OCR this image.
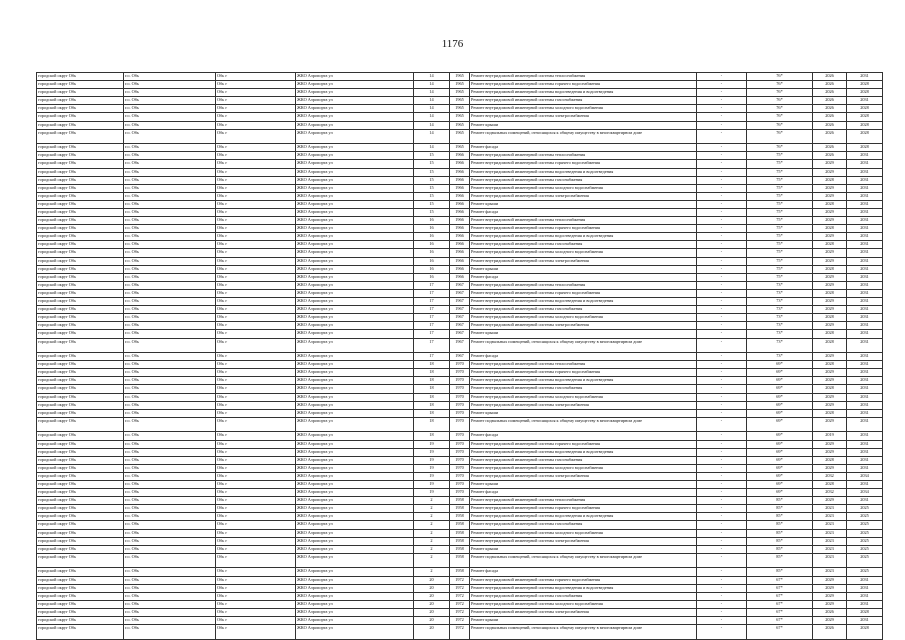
1176
городской округ Обь	г.о. Обь	Обь г	ЖКО Аэропорта ул	14	1965	Ремонт внутридомовой инженерной системы теплоснабжения	-	76*	2026	2031
городской округ Обь	г.о. Обь	Обь г	ЖКО Аэропорта ул	14	1965	Ремонт внутридомовой инженерной системы горячего водоснабжения	-	76*	2026	2028
городской округ Обь	г.о. Обь	Обь г	ЖКО Аэропорта ул	14	1965	Ремонт внутридомовой инженерной системы водоотведения и водоотведения	-	76*	2026	2028
городской округ Обь	г.о. Обь	Обь г	ЖКО Аэропорта ул	14	1965	Ремонт внутридомовой инженерной системы газоснабжения	-	76*	2026	2031
городской округ Обь	г.о. Обь	Обь г	ЖКО Аэропорта ул	14	1965	Ремонт внутридомовой инженерной системы холодного водоснабжения	-	76*	2026	2028
городской округ Обь	г.о. Обь	Обь г	ЖКО Аэропорта ул	14	1965	Ремонт внутридомовой инженерной системы электроснабжения	-	76*	2026	2028
городской округ Обь	г.о. Обь	Обь г	ЖКО Аэропорта ул	14	1965	Ремонт крыши	-	76*	2026	2028
городской округ Обь	г.о. Обь	Обь г	ЖКО Аэропорта ул	14	1965	Ремонт подвальных помещений, относящихся к общему имуществу в многоквартирном доме	-	76*	2026	2028
городской округ Обь	г.о. Обь	Обь г	ЖКО Аэропорта ул	14	1965	Ремонт фасада	-	76*	2026	2028
городской округ Обь	г.о. Обь	Обь г	ЖКО Аэропорта ул	15	1966	Ремонт внутридомовой инженерной системы теплоснабжения	-	75*	2026	2031
городской округ Обь	г.о. Обь	Обь г	ЖКО Аэропорта ул	15	1966	Ремонт внутридомовой инженерной системы горячего водоснабжения	-	75*	2029	2031
городской округ Обь	г.о. Обь	Обь г	ЖКО Аэропорта ул	15	1966	Ремонт внутридомовой инженерной системы водоотведения и водоотведения	-	75*	2029	2031
городской округ Обь	г.о. Обь	Обь г	ЖКО Аэропорта ул	15	1966	Ремонт внутридомовой инженерной системы газоснабжения	-	75*	2028	2031
городской округ Обь	г.о. Обь	Обь г	ЖКО Аэропорта ул	15	1966	Ремонт внутридомовой инженерной системы холодного водоснабжения	-	75*	2029	2031
городской округ Обь	г.о. Обь	Обь г	ЖКО Аэропорта ул	15	1966	Ремонт внутридомовой инженерной системы электроснабжения	-	75*	2029	2031
городской округ Обь	г.о. Обь	Обь г	ЖКО Аэропорта ул	15	1966	Ремонт крыши	-	75*	2028	2031
городской округ Обь	г.о. Обь	Обь г	ЖКО Аэропорта ул	15	1966	Ремонт фасада	-	75*	2029	2031
городской округ Обь	г.о. Обь	Обь г	ЖКО Аэропорта ул	16	1966	Ремонт внутридомовой инженерной системы теплоснабжения	-	75*	2029	2031
городской округ Обь	г.о. Обь	Обь г	ЖКО Аэропорта ул	16	1966	Ремонт внутридомовой инженерной системы горячего водоснабжения	-	75*	2028	2031
городской округ Обь	г.о. Обь	Обь г	ЖКО Аэропорта ул	16	1966	Ремонт внутридомовой инженерной системы водоотведения и водоотведения	-	75*	2029	2031
городской округ Обь	г.о. Обь	Обь г	ЖКО Аэропорта ул	16	1966	Ремонт внутридомовой инженерной системы газоснабжения	-	75*	2028	2031
городской округ Обь	г.о. Обь	Обь г	ЖКО Аэропорта ул	16	1966	Ремонт внутридомовой инженерной системы холодного водоснабжения	-	75*	2029	2031
городской округ Обь	г.о. Обь	Обь г	ЖКО Аэропорта ул	16	1966	Ремонт внутридомовой инженерной системы электроснабжения	-	75*	2029	2031
городской округ Обь	г.о. Обь	Обь г	ЖКО Аэропорта ул	16	1966	Ремонт крыши	-	75*	2028	2031
городской округ Обь	г.о. Обь	Обь г	ЖКО Аэропорта ул	16	1966	Ремонт фасада	-	75*	2029	2031
городской округ Обь	г.о. Обь	Обь г	ЖКО Аэропорта ул	17	1967	Ремонт внутридомовой инженерной системы теплоснабжения	-	73*	2029	2031
городской округ Обь	г.о. Обь	Обь г	ЖКО Аэропорта ул	17	1967	Ремонт внутридомовой инженерной системы горячего водоснабжения	-	73*	2028	2031
городской округ Обь	г.о. Обь	Обь г	ЖКО Аэропорта ул	17	1967	Ремонт внутридомовой инженерной системы водоотведения и водоотведения	-	73*	2029	2031
городской округ Обь	г.о. Обь	Обь г	ЖКО Аэропорта ул	17	1967	Ремонт внутридомовой инженерной системы газоснабжения	-	73*	2029	2031
городской округ Обь	г.о. Обь	Обь г	ЖКО Аэропорта ул	17	1967	Ремонт внутридомовой инженерной системы холодного водоснабжения	-	73*	2028	2031
городской округ Обь	г.о. Обь	Обь г	ЖКО Аэропорта ул	17	1967	Ремонт внутридомовой инженерной системы электроснабжения	-	73*	2029	2031
городской округ Обь	г.о. Обь	Обь г	ЖКО Аэропорта ул	17	1967	Ремонт крыши	-	73*	2028	2031
городской округ Обь	г.о. Обь	Обь г	ЖКО Аэропорта ул	17	1967	Ремонт подвальных помещений, относящихся к общему имуществу в многоквартирном доме	-	73*	2028	2031
городской округ Обь	г.о. Обь	Обь г	ЖКО Аэропорта ул	17	1967	Ремонт фасада	-	73*	2029	2031
городской округ Обь	г.о. Обь	Обь г	ЖКО Аэропорта ул	18	1970	Ремонт внутридомовой инженерной системы теплоснабжения	-	69*	2028	2031
городской округ Обь	г.о. Обь	Обь г	ЖКО Аэропорта ул	18	1970	Ремонт внутридомовой инженерной системы горячего водоснабжения	-	69*	2029	2031
городской округ Обь	г.о. Обь	Обь г	ЖКО Аэропорта ул	18	1970	Ремонт внутридомовой инженерной системы водоотведения и водоотведения	-	69*	2029	2031
городской округ Обь	г.о. Обь	Обь г	ЖКО Аэропорта ул	18	1970	Ремонт внутридомовой инженерной системы газоснабжения	-	69*	2028	2031
городской округ Обь	г.о. Обь	Обь г	ЖКО Аэропорта ул	18	1970	Ремонт внутридомовой инженерной системы холодного водоснабжения	-	69*	2029	2031
городской округ Обь	г.о. Обь	Обь г	ЖКО Аэропорта ул	18	1970	Ремонт внутридомовой инженерной системы электроснабжения	-	69*	2029	2031
городской округ Обь	г.о. Обь	Обь г	ЖКО Аэропорта ул	18	1970	Ремонт крыши	-	69*	2028	2031
городской округ Обь	г.о. Обь	Обь г	ЖКО Аэропорта ул	18	1970	Ремонт подвальных помещений, относящихся к общему имуществу в многоквартирном доме	-	69*	2029	2031
городской округ Обь	г.о. Обь	Обь г	ЖКО Аэропорта ул	18	1970	Ремонт фасада	-	69*	2019	2031
городской округ Обь	г.о. Обь	Обь г	ЖКО Аэропорта ул	19	1970	Ремонт внутридомовой инженерной системы горячего водоснабжения	-	69*	2029	2031
городской округ Обь	г.о. Обь	Обь г	ЖКО Аэропорта ул	19	1970	Ремонт внутридомовой инженерной системы водоотведения и водоотведения	-	69*	2029	2031
городской округ Обь	г.о. Обь	Обь г	ЖКО Аэропорта ул	19	1970	Ремонт внутридомовой инженерной системы газоснабжения	-	69*	2028	2031
городской округ Обь	г.о. Обь	Обь г	ЖКО Аэропорта ул	19	1970	Ремонт внутридомовой инженерной системы холодного водоснабжения	-	69*	2029	2031
городской округ Обь	г.о. Обь	Обь г	ЖКО Аэропорта ул	19	1970	Ремонт внутридомовой инженерной системы электроснабжения	-	69*	2032	2034
городской округ Обь	г.о. Обь	Обь г	ЖКО Аэропорта ул	19	1970	Ремонт крыши	-	69*	2028	2031
городской округ Обь	г.о. Обь	Обь г	ЖКО Аэропорта ул	19	1970	Ремонт фасада	-	69*	2032	2034
городской округ Обь	г.о. Обь	Обь г	ЖКО Аэропорта ул	2	1958	Ремонт внутридомовой инженерной системы теплоснабжения	-	85*	2029	2031
городской округ Обь	г.о. Обь	Обь г	ЖКО Аэропорта ул	2	1958	Ремонт внутридомовой инженерной системы горячего водоснабжения	-	85*	2023	2025
городской округ Обь	г.о. Обь	Обь г	ЖКО Аэропорта ул	2	1958	Ремонт внутридомовой инженерной системы водоотведения и водоотведения	-	85*	2023	2025
городской округ Обь	г.о. Обь	Обь г	ЖКО Аэропорта ул	2	1958	Ремонт внутридомовой инженерной системы газоснабжения	-	85*	2023	2025
городской округ Обь	г.о. Обь	Обь г	ЖКО Аэропорта ул	2	1958	Ремонт внутридомовой инженерной системы холодного водоснабжения	-	85*	2023	2025
городской округ Обь	г.о. Обь	Обь г	ЖКО Аэропорта ул	2	1958	Ремонт внутридомовой инженерной системы электроснабжения	-	85*	2023	2025
городской округ Обь	г.о. Обь	Обь г	ЖКО Аэропорта ул	2	1958	Ремонт крыши	-	85*	2023	2025
городской округ Обь	г.о. Обь	Обь г	ЖКО Аэропорта ул	2	1958	Ремонт подвальных помещений, относящихся к общему имуществу в многоквартирном доме	-	85*	2023	2025
городской округ Обь	г.о. Обь	Обь г	ЖКО Аэропорта ул	2	1958	Ремонт фасада	-	85*	2023	2025
городской округ Обь	г.о. Обь	Обь г	ЖКО Аэропорта ул	20	1972	Ремонт внутридомовой инженерной системы горячего водоснабжения	-	67*	2029	2031
городской округ Обь	г.о. Обь	Обь г	ЖКО Аэропорта ул	20	1972	Ремонт внутридомовой инженерной системы водоотведения и водоотведения	-	67*	2029	2031
городской округ Обь	г.о. Обь	Обь г	ЖКО Аэропорта ул	20	1972	Ремонт внутридомовой инженерной системы газоснабжения	-	67*	2029	2031
городской округ Обь	г.о. Обь	Обь г	ЖКО Аэропорта ул	20	1972	Ремонт внутридомовой инженерной системы холодного водоснабжения	-	67*	2029	2031
городской округ Обь	г.о. Обь	Обь г	ЖКО Аэропорта ул	20	1972	Ремонт внутридомовой инженерной системы электроснабжения	-	67*	2026	2028
городской округ Обь	г.о. Обь	Обь г	ЖКО Аэропорта ул	20	1972	Ремонт крыши	-	67*	2029	2031
городской округ Обь	г.о. Обь	Обь г	ЖКО Аэропорта ул	20	1972	Ремонт подвальных помещений, относящихся к общему имуществу в многоквартирном доме	-	67*	2026	2028
